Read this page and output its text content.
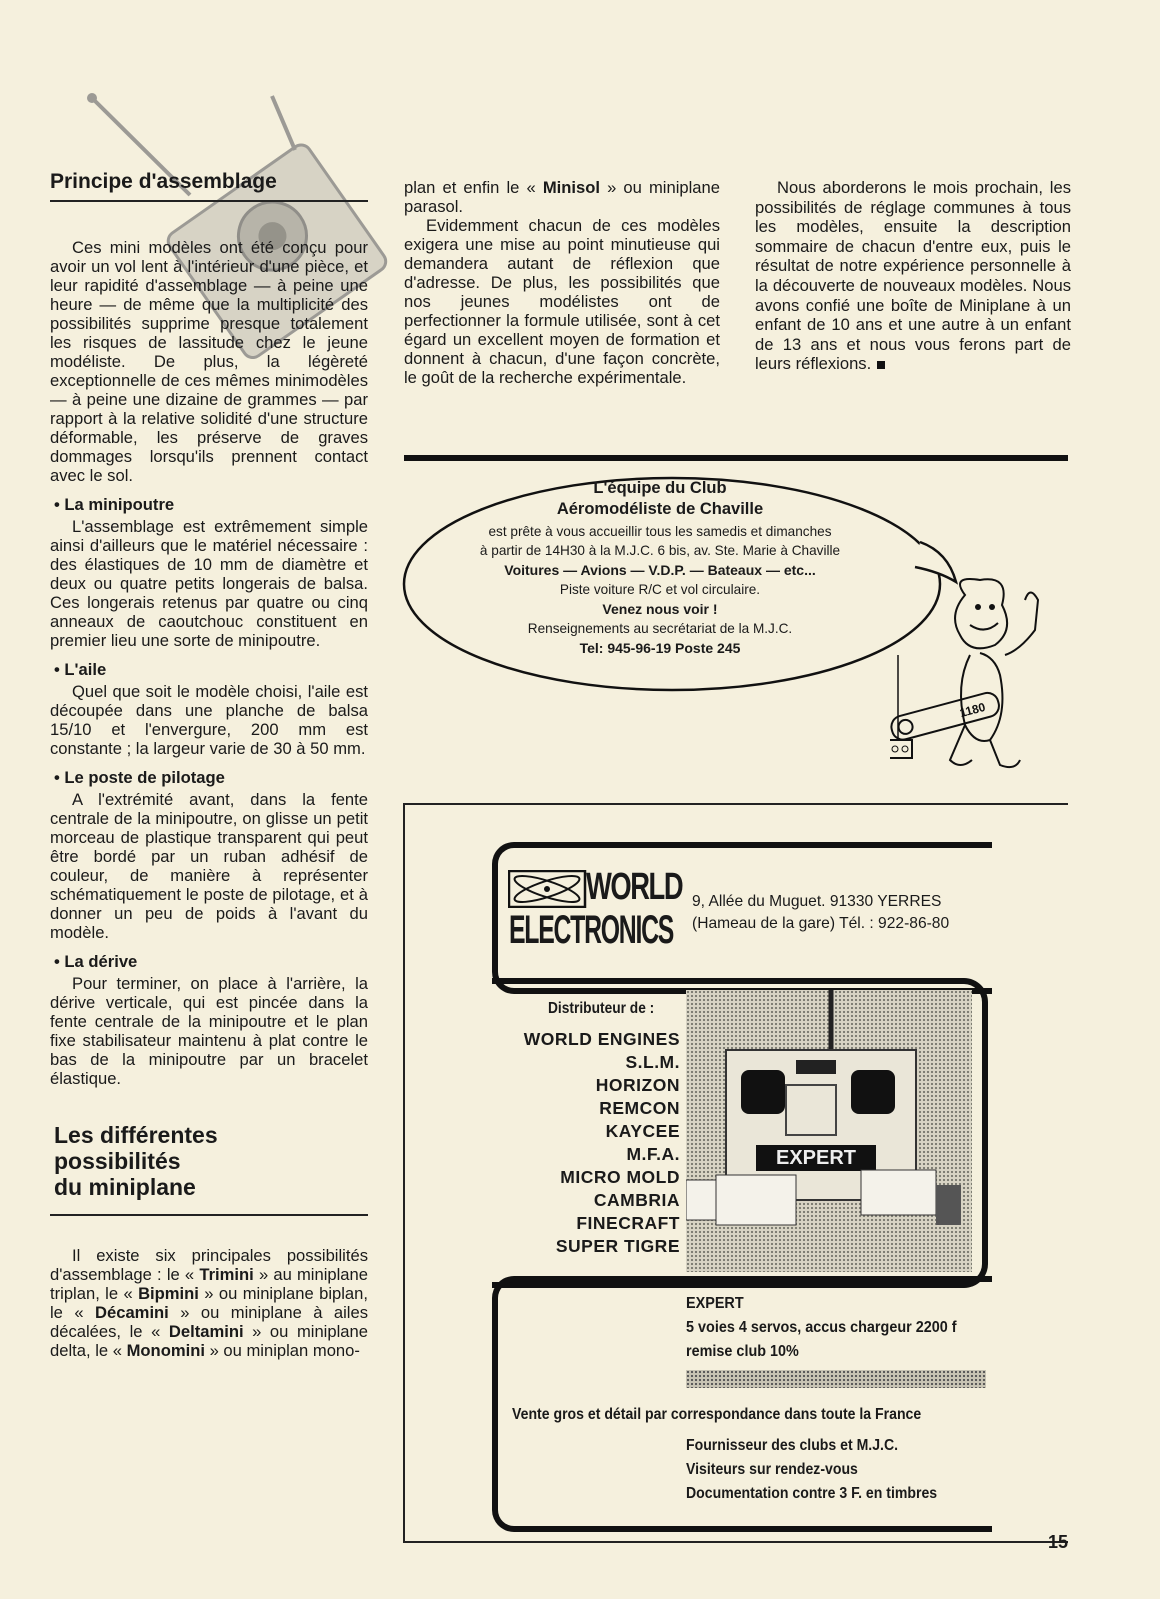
Principe d'assemblage

Ces mini modèles ont été conçu pour avoir un vol lent à l'intérieur d'une pièce, et leur rapidité d'assemblage — à peine une heure — de même que la multiplicité des possibilités supprime presque totalement les risques de lassitude chez le jeune modéliste. De plus, la légèreté exceptionnelle de ces mêmes minimodèles — à peine une dizaine de grammes — par rapport à la relative solidité d'une structure déformable, les préserve de graves dommages lorsqu'ils prennent contact avec le sol.

• La minipoutre

L'assemblage est extrêmement simple ainsi d'ailleurs que le matériel nécessaire : des élastiques de 10 mm de diamètre et deux ou quatre petits longerais de balsa. Ces longerais retenus par quatre ou cinq anneaux de caoutchouc constituent en premier lieu une sorte de minipoutre.

• L'aile

Quel que soit le modèle choisi, l'aile est découpée dans une planche de balsa 15/10 et l'envergure, 200 mm est constante ; la largeur varie de 30 à 50 mm.

• Le poste de pilotage

A l'extrémité avant, dans la fente centrale de la minipoutre, on glisse un petit morceau de plastique transparent qui peut être bordé par un ruban adhésif de couleur, de manière à représenter schématiquement le poste de pilotage, et à donner un peu de poids à l'avant du modèle.

• La dérive

Pour terminer, on place à l'arrière, la dérive verticale, qui est pincée dans la fente centrale de la minipoutre et le plan fixe stabilisateur maintenu à plat contre le bas de la minipoutre par un bracelet élastique.

Les différentes
possibilités
du miniplane

Il existe six principales possibilités d'assemblage : le « Trimini » au miniplane triplan, le « Bipmini » ou miniplane biplan, le « Décamini » ou miniplane à ailes décalées, le « Deltamini » ou miniplane delta, le « Monomini » ou miniplan mono-

plan et enfin le « Minisol » ou miniplane parasol.

Evidemment chacun de ces modèles exigera une mise au point minutieuse qui demandera autant de réflexion que d'adresse. De plus, les possibilités que nos jeunes modélistes ont de perfectionner la formule utilisée, sont à cet égard un excellent moyen de formation et donnent à chacun, d'une façon concrète, le goût de la recherche expérimentale.

Nous aborderons le mois prochain, les possibilités de réglage communes à tous les modèles, ensuite la description sommaire de chacun d'entre eux, puis le résultat de notre expérience personnelle à la découverte de nouveaux modèles. Nous avons confié une boîte de Miniplane à un enfant de 10 ans et une autre à un enfant de 13 ans et nous vous ferons part de leurs réflexions.

L'équipe du Club
Aéromodéliste de Chaville
est prête à vous accueillir tous les samedis et dimanches
à partir de 14H30 à la M.J.C. 6 bis, av. Ste. Marie à Chaville
Voitures — Avions — V.D.P. — Bateaux — etc...
Piste voiture R/C et vol circulaire.
Venez nous voir !
Renseignements au secrétariat de la M.J.C.
Tel: 945-96-19 Poste 245
1180
WORLD
ELECTRONICS
9, Allée du Muguet. 91330 YERRES
(Hameau de la gare) Tél. : 922-86-80
Distributeur de :
WORLD ENGINES
S.L.M.
HORIZON
REMCON
KAYCEE
M.F.A.
MICRO MOLD
CAMBRIA
FINECRAFT
SUPER TIGRE
EXPERT
EXPERT
5 voies 4 servos, accus chargeur 2200 f
remise club 10%
Vente gros et détail par correspondance dans toute la France
Fournisseur des clubs et M.J.C.
Visiteurs sur rendez-vous
Documentation contre 3 F. en timbres
15
